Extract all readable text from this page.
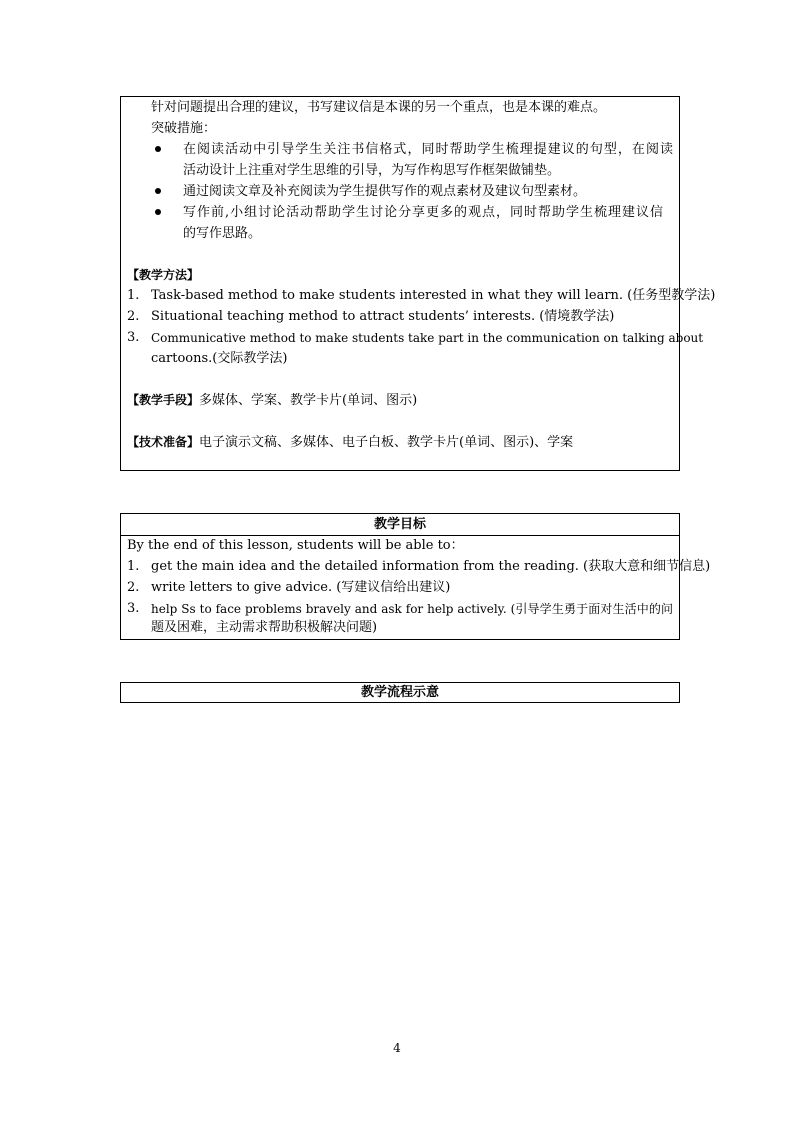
针对问题提出合理的建议，书写建议信是本课的另一个重点，也是本课的难点。
突破措施：
在阅读活动中引导学生关注书信格式，同时帮助学生梳理提建议的句型，在阅读
活动设计上注重对学生思维的引导，为写作构思写作框架做铺垫。
通过阅读文章及补充阅读为学生提供写作的观点素材及建议句型素材。
写作前,小组讨论活动帮助学生讨论分享更多的观点，同时帮助学生梳理建议信
的写作思路。
【教学方法】
1. Task-based method to make students interested in what they will learn. (任务型教学法)
2. Situational teaching method to attract students’ interests. (情境教学法)
3. Communicative method to make students take part in the communication on talking about
cartoons.(交际教学法)
【教学手段】多媒体、学案、教学卡片(单词、图示)
【技术准备】电子演示文稿、多媒体、电子白板、教学卡片(单词、图示)、学案
教学目标
By the end of this lesson, students will be able to：
1. get the main idea and the detailed information from the reading. (获取大意和细节信息)
2. write letters to give advice. (写建议信给出建议)
3. help Ss to face problems bravely and ask for help actively. (引导学生勇于面对生活中的问
题及困难，主动需求帮助积极解决问题)
教学流程示意
4
